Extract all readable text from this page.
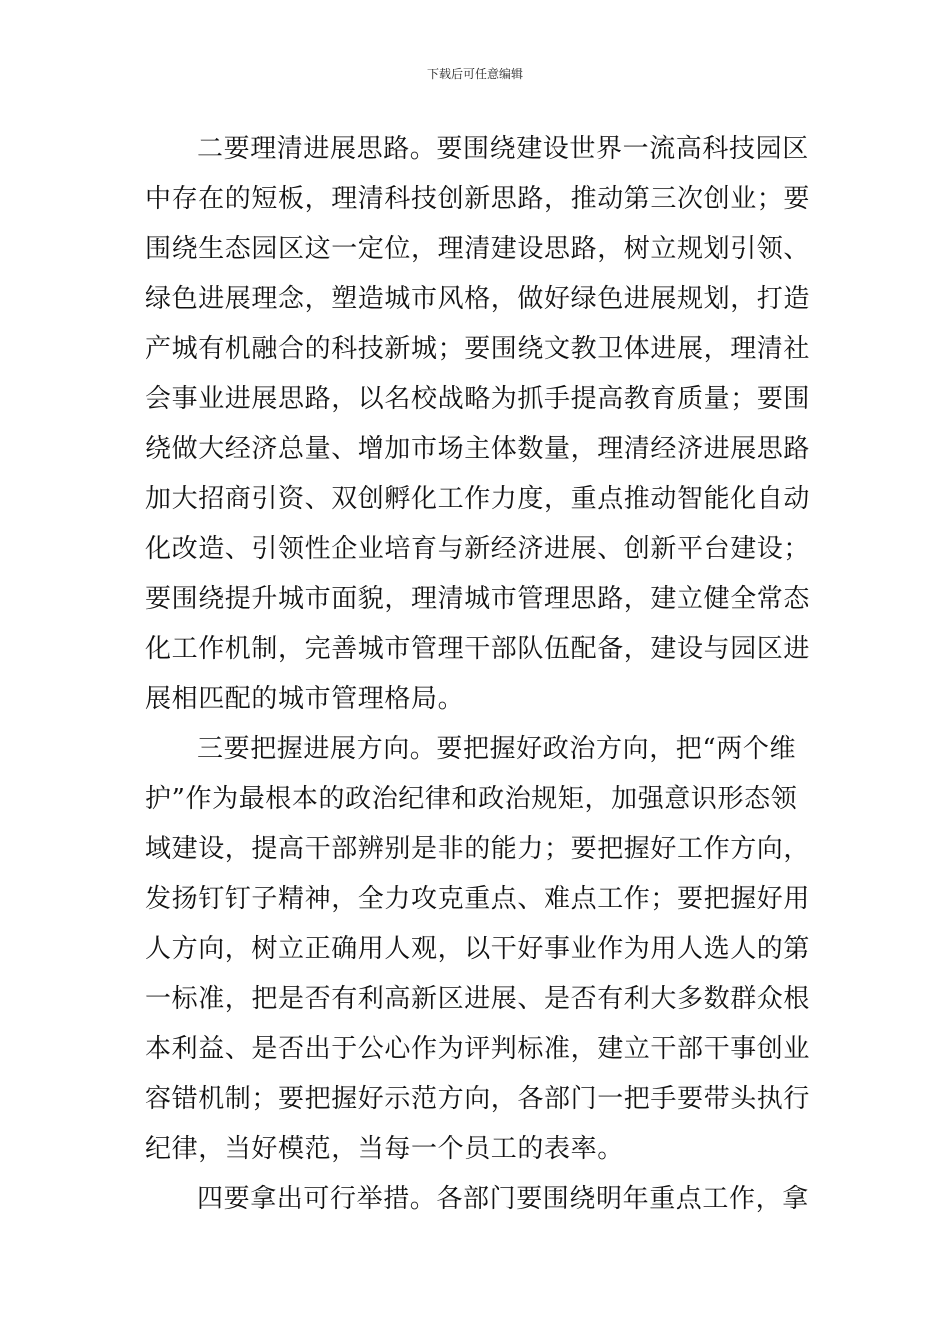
下载后可任意编辑
二要理清进展思路。要围绕建设世界一流高科技园区
中存在的短板，理清科技创新思路，推动第三次创业；要
围绕生态园区这一定位，理清建设思路，树立规划引领、
绿色进展理念，塑造城市风格，做好绿色进展规划，打造
产城有机融合的科技新城；要围绕文教卫体进展，理清社
会事业进展思路，以名校战略为抓手提高教育质量；要围
绕做大经济总量、增加市场主体数量，理清经济进展思路
加大招商引资、双创孵化工作力度，重点推动智能化自动
化改造、引领性企业培育与新经济进展、创新平台建设；
要围绕提升城市面貌，理清城市管理思路，建立健全常态
化工作机制，完善城市管理干部队伍配备，建设与园区进
展相匹配的城市管理格局。
三要把握进展方向。要把握好政治方向，把“两个维
护”作为最根本的政治纪律和政治规矩，加强意识形态领
域建设，提高干部辨别是非的能力；要把握好工作方向，
发扬钉钉子精神，全力攻克重点、难点工作；要把握好用
人方向，树立正确用人观，以干好事业作为用人选人的第
一标准，把是否有利高新区进展、是否有利大多数群众根
本利益、是否出于公心作为评判标准，建立干部干事创业
容错机制；要把握好示范方向，各部门一把手要带头执行
纪律，当好模范，当每一个员工的表率。
四要拿出可行举措。各部门要围绕明年重点工作，拿
